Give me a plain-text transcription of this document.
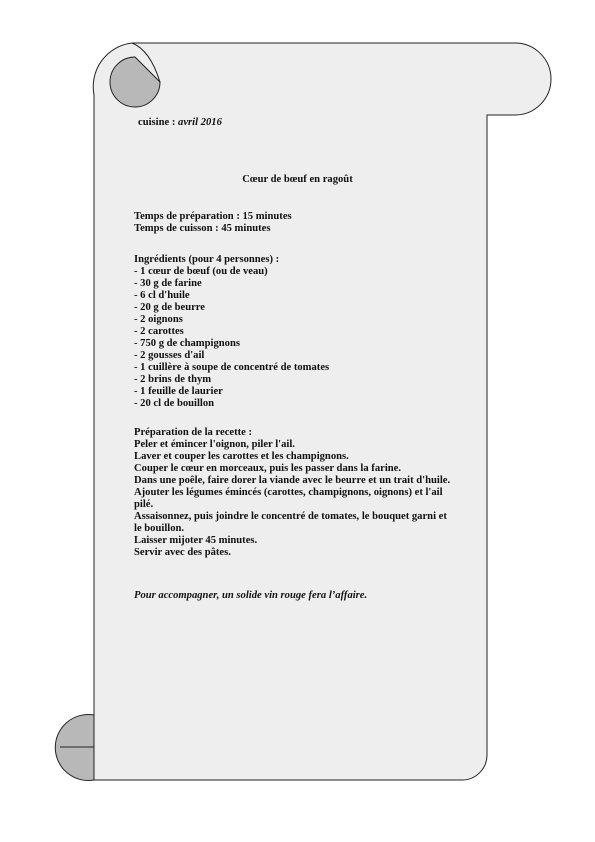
cuisine : avril 2016
Cœur de bœuf en ragoût
Temps de préparation : 15 minutes
Temps de cuisson : 45 minutes
Ingrédients (pour 4 personnes) :
- 1 cœur de bœuf (ou de veau)
- 30 g de farine
- 6 cl d'huile
- 20 g de beurre
- 2 oignons
- 2 carottes
- 750 g de champignons
- 2 gousses d'ail
- 1 cuillère à soupe de concentré de tomates
- 2 brins de thym
- 1 feuille de laurier
- 20 cl de bouillon
Préparation de la recette :
Peler et émincer l'oignon, piler l'ail.
Laver et couper les carottes et les champignons.
Couper le cœur en morceaux, puis les passer dans la farine.
Dans une poêle, faire dorer la viande avec le beurre et un trait d'huile.
Ajouter les légumes émincés (carottes, champignons, oignons) et l'ail pilé.
Assaisonnez, puis joindre le concentré de tomates, le bouquet garni et le bouillon.
Laisser mijoter 45 minutes.
Servir avec des pâtes.
Pour accompagner, un solide vin rouge fera l’affaire.
